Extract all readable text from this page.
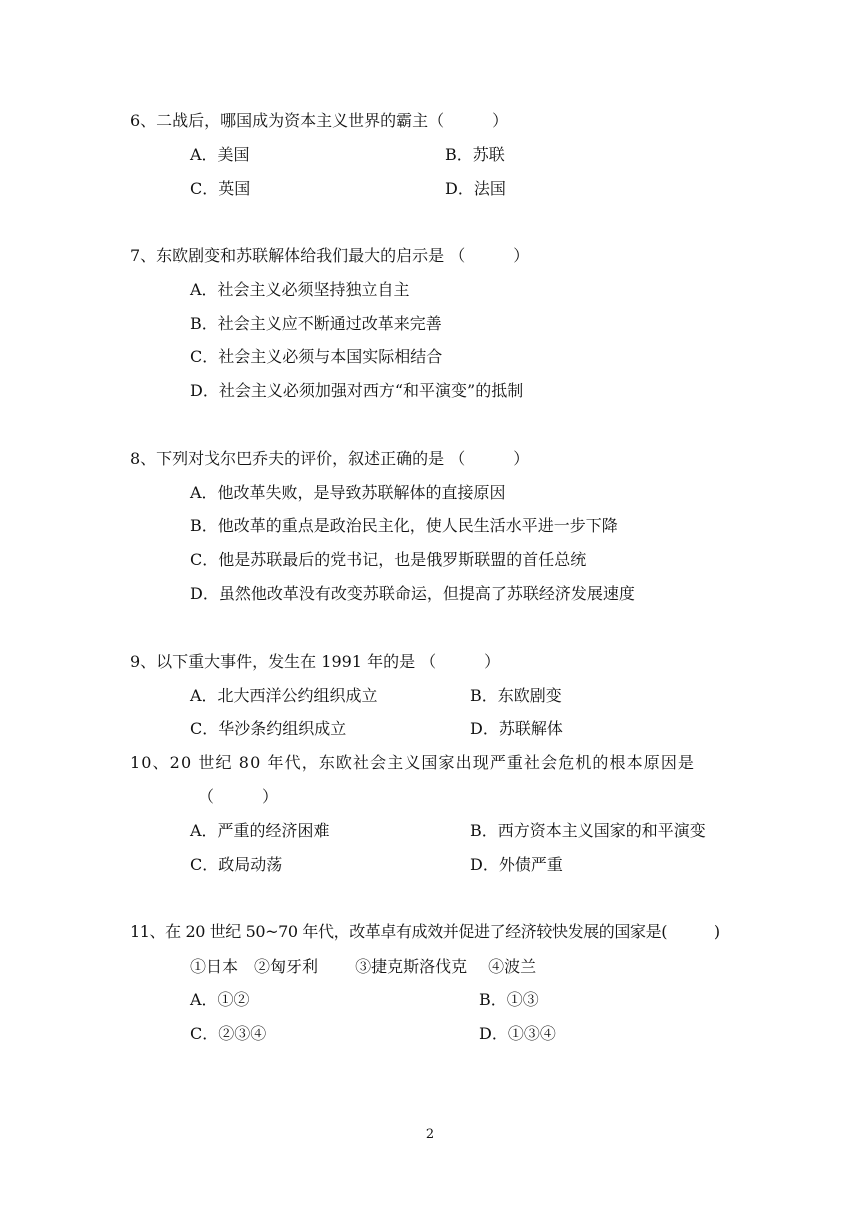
6、二战后，哪国成为资本主义世界的霸主（　　　）
A．美国	B．苏联
C．英国	D．法国
7、东欧剧变和苏联解体给我们最大的启示是 （　　　）
A．社会主义必须坚持独立自主
B．社会主义应不断通过改革来完善
C．社会主义必须与本国实际相结合
D．社会主义必须加强对西方“和平演变”的抵制
8、下列对戈尔巴乔夫的评价，叙述正确的是 （　　　）
A．他改革失败，是导致苏联解体的直接原因
B．他改革的重点是政治民主化，使人民生活水平进一步下降
C．他是苏联最后的党书记，也是俄罗斯联盟的首任总统
D．虽然他改革没有改变苏联命运，但提高了苏联经济发展速度
9、以下重大事件，发生在 1991 年的是 （　　　）
A．北大西洋公约组织成立	B．东欧剧变
C．华沙条约组织成立	D．苏联解体
10、20 世纪 80 年代，东欧社会主义国家出现严重社会危机的根本原因是
（　　　）
A．严重的经济困难	B．西方资本主义国家的和平演变
C．政局动荡	D．外债严重
11、在 20 世纪 50~70 年代，改革卓有成效并促进了经济较快发展的国家是(　　　)
①日本　②匈牙利　　 ③捷克斯洛伐克　 ④波兰
A．①②	B．①③
C．②③④	D．①③④
2
